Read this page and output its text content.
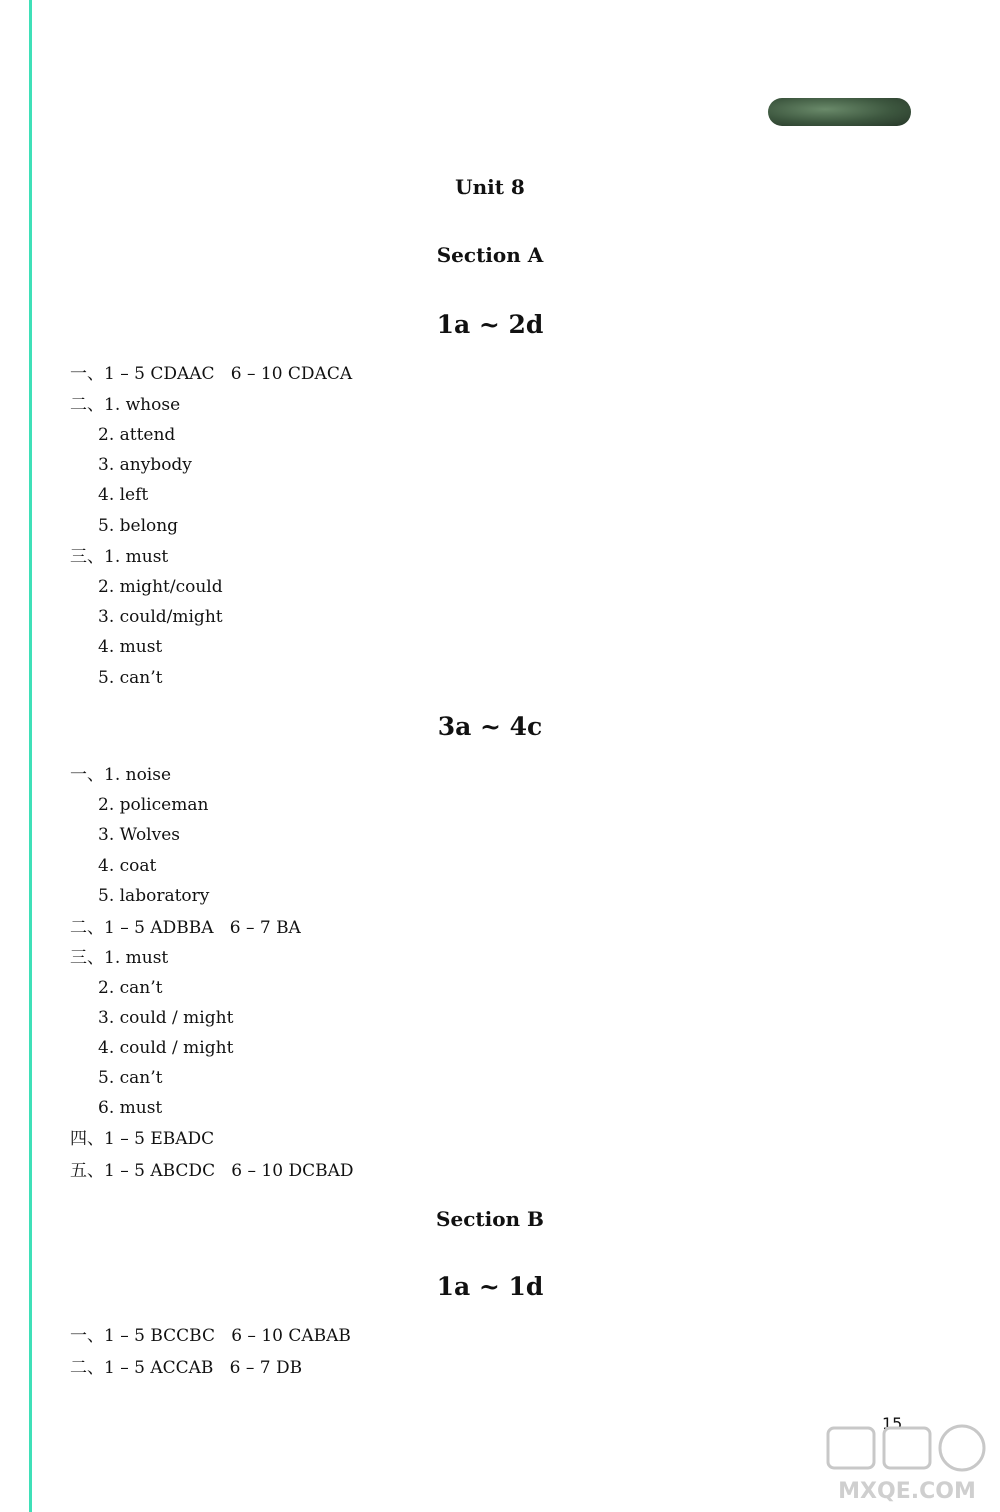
Unit 8
Section A
1a ~ 2d
一、1 – 5 CDAAC   6 – 10 CDACA
二、1. whose
2. attend
3. anybody
4. left
5. belong
三、1. must
2. might/could
3. could/might
4. must
5. can’t
3a ~ 4c
一、1. noise
2. policeman
3. Wolves
4. coat
5. laboratory
二、1 – 5 ADBBA   6 – 7 BA
三、1. must
2. can’t
3. could / might
4. could / might
5. can’t
6. must
四、1 – 5 EBADC
五、1 – 5 ABCDC   6 – 10 DCBAD
Section B
1a ~ 1d
一、1 – 5 BCCBC   6 – 10 CABAB
二、1 – 5 ACCAB   6 – 7 DB
15
MXQE.COM
